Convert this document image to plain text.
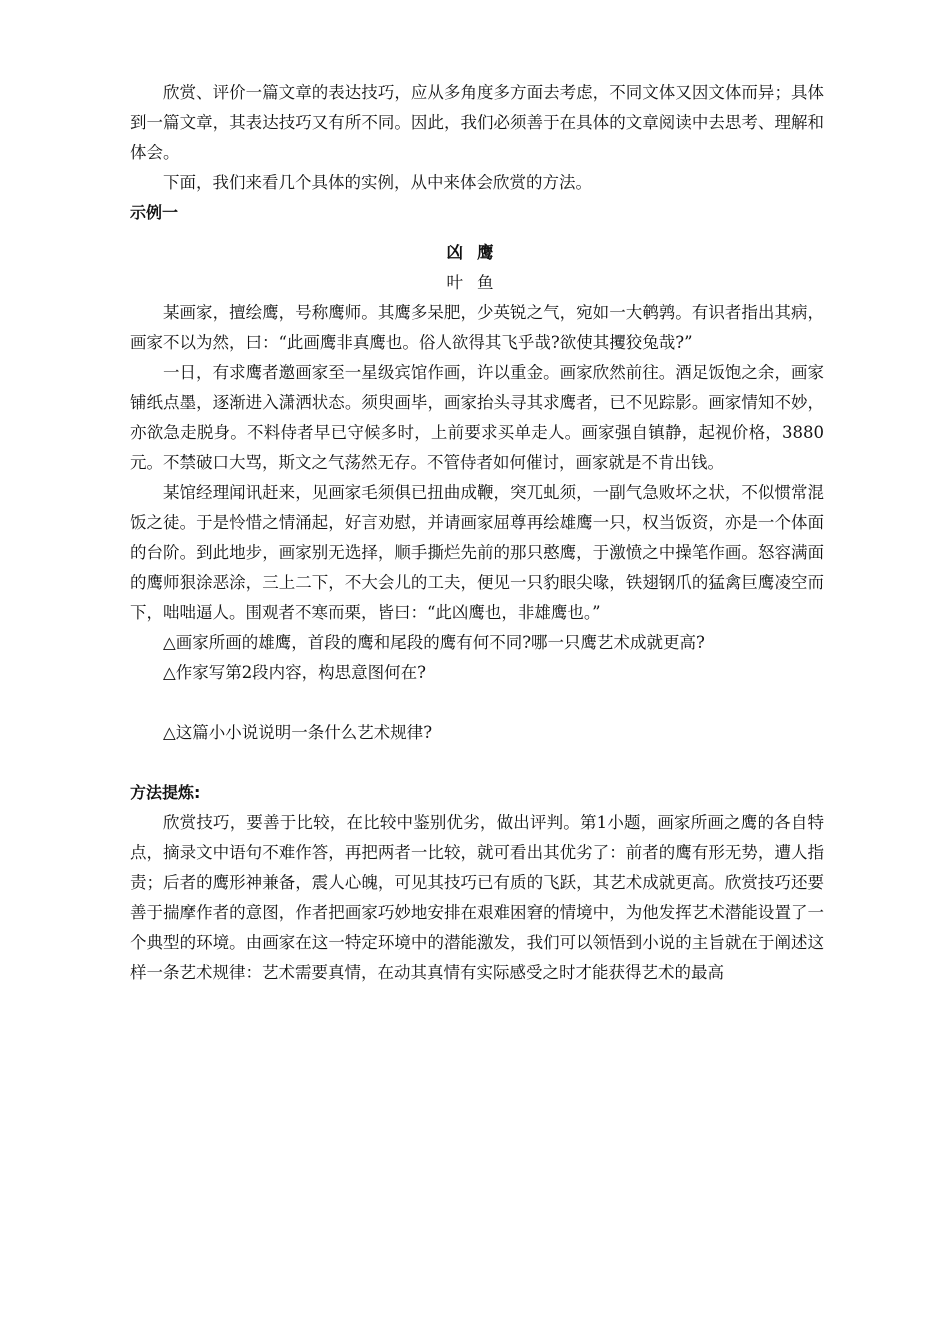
欣赏、评价一篇文章的表达技巧，应从多角度多方面去考虑，不同文体又因文体而异；具体到一篇文章，其表达技巧又有所不同。因此，我们必须善于在具体的文章阅读中去思考、理解和体会。

下面，我们来看几个具体的实例，从中来体会欣赏的方法。

示例一

凶鹰

叶鱼

某画家，擅绘鹰，号称鹰师。其鹰多呆肥，少英锐之气，宛如一大鹌鹑。有识者指出其病，画家不以为然，曰：“此画鹰非真鹰也。俗人欲得其飞乎哉?欲使其攫狡兔哉?”

一日，有求鹰者邀画家至一星级宾馆作画，许以重金。画家欣然前往。酒足饭饱之余，画家铺纸点墨，逐渐进入潇洒状态。须臾画毕，画家抬头寻其求鹰者，已不见踪影。画家情知不妙，亦欲急走脱身。不料侍者早已守候多时，上前要求买单走人。画家强自镇静，起视价格，3880元。不禁破口大骂，斯文之气荡然无存。不管侍者如何催讨，画家就是不肯出钱。

某馆经理闻讯赶来，见画家毛须俱已扭曲成鞭，突兀虬须，一副气急败坏之状，不似惯常混饭之徒。于是怜惜之情涌起，好言劝慰，并请画家屈尊再绘雄鹰一只，权当饭资，亦是一个体面的台阶。到此地步，画家别无选择，顺手撕烂先前的那只憨鹰，于激愤之中操笔作画。怒容满面的鹰师狠涂恶涂，三上二下，不大会儿的工夫，便见一只豹眼尖喙，铁翅钢爪的猛禽巨鹰凌空而下，咄咄逼人。围观者不寒而栗，皆曰：“此凶鹰也，非雄鹰也。”

△画家所画的雄鹰，首段的鹰和尾段的鹰有何不同?哪一只鹰艺术成就更高?

△作家写第2段内容，构思意图何在?

△这篇小小说说明一条什么艺术规律?

方法提炼:

欣赏技巧，要善于比较，在比较中鉴别优劣，做出评判。第1小题，画家所画之鹰的各自特点，摘录文中语句不难作答，再把两者一比较，就可看出其优劣了：前者的鹰有形无势，遭人指责；后者的鹰形神兼备，震人心魄，可见其技巧已有质的飞跃，其艺术成就更高。欣赏技巧还要善于揣摩作者的意图，作者把画家巧妙地安排在艰难困窘的情境中，为他发挥艺术潜能设置了一个典型的环境。由画家在这一特定环境中的潜能激发，我们可以领悟到小说的主旨就在于阐述这样一条艺术规律：艺术需要真情，在动其真情有实际感受之时才能获得艺术的最高
